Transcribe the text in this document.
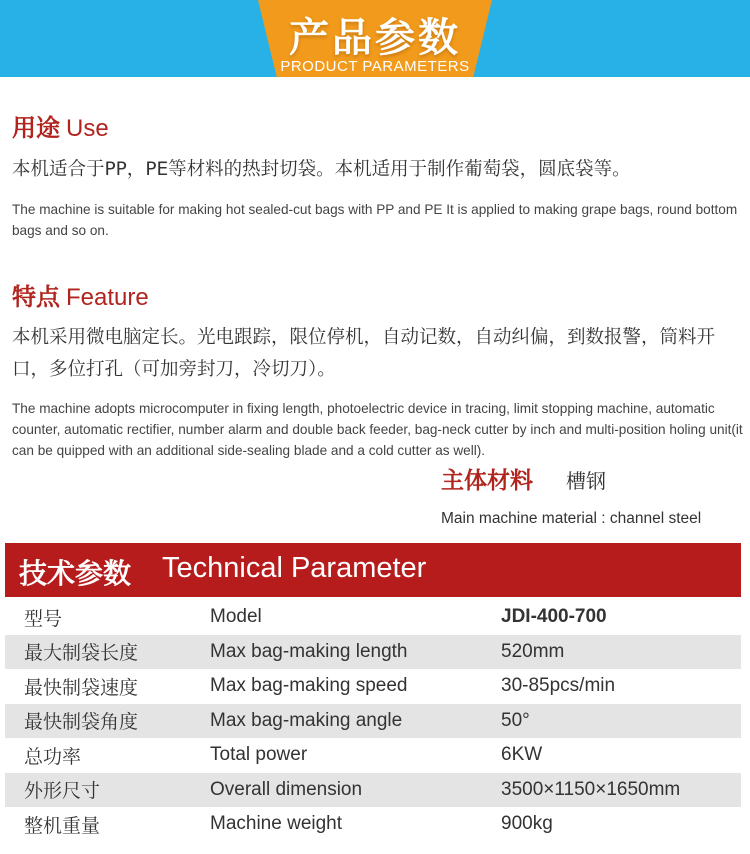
产品参数
PRODUCT PARAMETERS
用途 Use
本机适合于PP，PE等材料的热封切袋。本机适用于制作葡萄袋，圆底袋等。
The machine is suitable for making hot sealed-cut bags with PP and PE It is applied to making grape bags, round bottom bags and so on.
特点 Feature
本机采用微电脑定长。光电跟踪，限位停机，自动记数，自动纠偏，到数报警，筒料开口，多位打孔（可加旁封刀，冷切刀）。
The machine adopts microcomputer in fixing length, photoelectric device in tracing, limit stopping machine, automatic counter, automatic rectifier, number alarm and double back feeder, bag-neck cutter by inch and multi-position holing unit(it can be quipped with an additional side-sealing blade and a cold cutter as well).
主体材料 槽钢
Main machine material : channel steel
技术参数 Technical Parameter
型号	Model	JDI-400-700
最大制袋长度	Max bag-making length	520mm
最快制袋速度	Max bag-making speed	30-85pcs/min
最快制袋角度	Max bag-making angle	50°
总功率	Total power	6KW
外形尺寸	Overall dimension	3500×1150×1650mm
整机重量	Machine weight	900kg
